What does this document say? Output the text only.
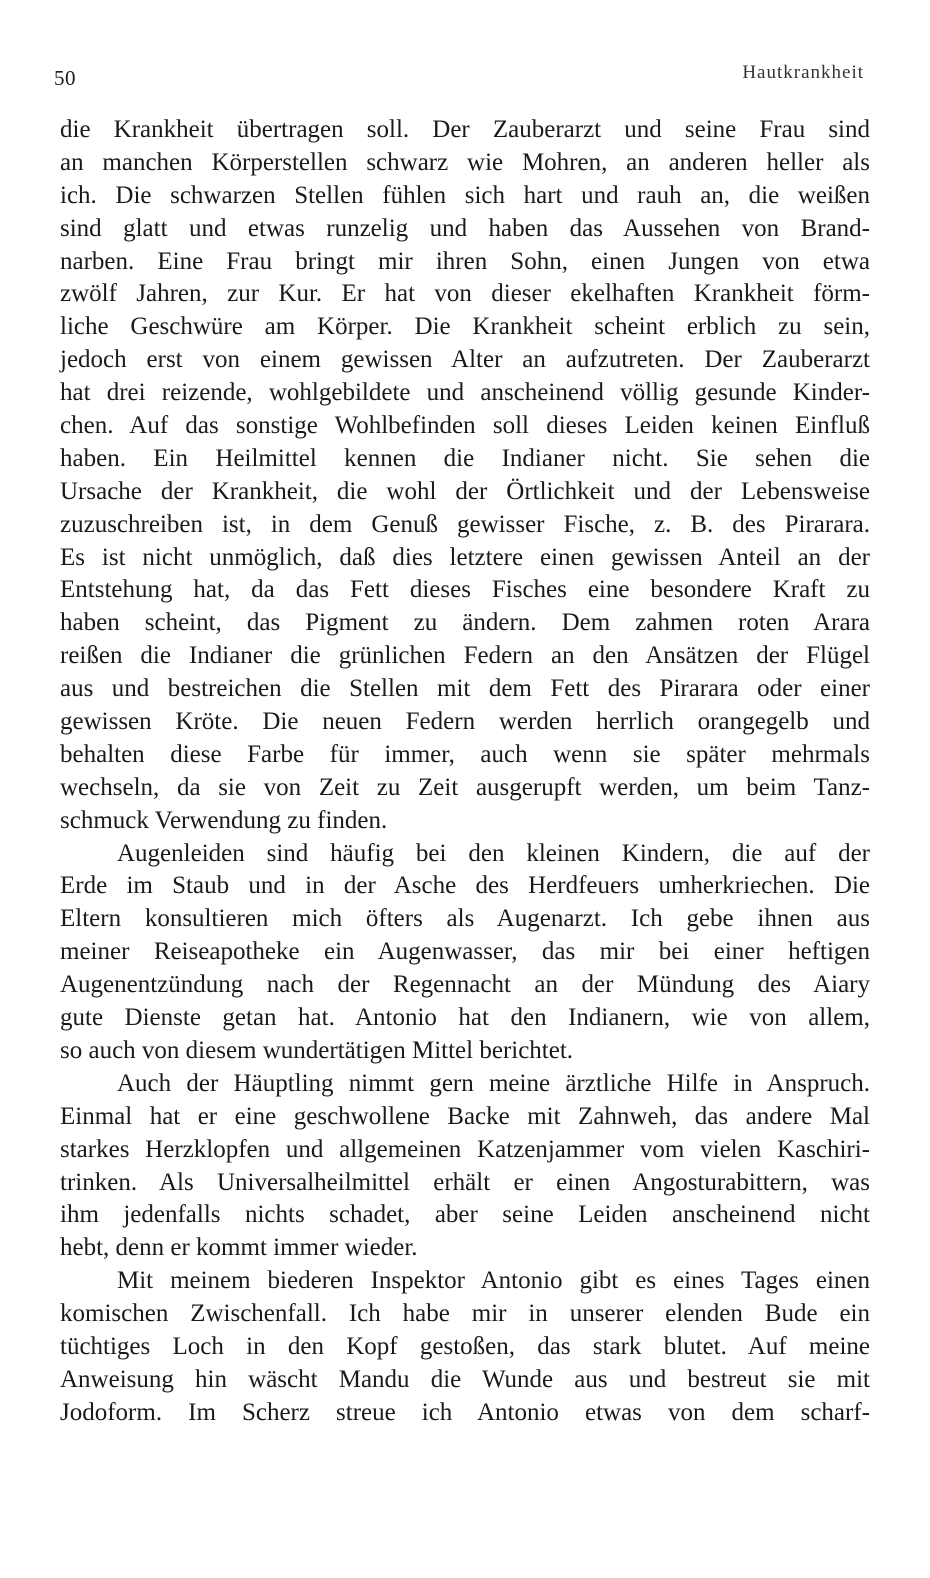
50	Hautkrankheit
die Krankheit übertragen soll. Der Zauberarzt und seine Frau sind
an manchen Körperstellen schwarz wie Mohren, an anderen heller als
ich. Die schwarzen Stellen fühlen sich hart und rauh an, die weißen
sind glatt und etwas runzelig und haben das Aussehen von Brand-
narben. Eine Frau bringt mir ihren Sohn, einen Jungen von etwa
zwölf Jahren, zur Kur. Er hat von dieser ekelhaften Krankheit förm-
liche Geschwüre am Körper. Die Krankheit scheint erblich zu sein,
jedoch erst von einem gewissen Alter an aufzutreten. Der Zauberarzt
hat drei reizende, wohlgebildete und anscheinend völlig gesunde Kinder-
chen. Auf das sonstige Wohlbefinden soll dieses Leiden keinen Einfluß
haben. Ein Heilmittel kennen die Indianer nicht. Sie sehen die
Ursache der Krankheit, die wohl der Örtlichkeit und der Lebensweise
zuzuschreiben ist, in dem Genuß gewisser Fische, z. B. des Pirarara.
Es ist nicht unmöglich, daß dies letztere einen gewissen Anteil an der
Entstehung hat, da das Fett dieses Fisches eine besondere Kraft zu
haben scheint, das Pigment zu ändern. Dem zahmen roten Arara
reißen die Indianer die grünlichen Federn an den Ansätzen der Flügel
aus und bestreichen die Stellen mit dem Fett des Pirarara oder einer
gewissen Kröte. Die neuen Federn werden herrlich orangegelb und
behalten diese Farbe für immer, auch wenn sie später mehrmals
wechseln, da sie von Zeit zu Zeit ausgerupft werden, um beim Tanz-
schmuck Verwendung zu finden.
Augenleiden sind häufig bei den kleinen Kindern, die auf der
Erde im Staub und in der Asche des Herdfeuers umherkriechen. Die
Eltern konsultieren mich öfters als Augenarzt. Ich gebe ihnen aus
meiner Reiseapotheke ein Augenwasser, das mir bei einer heftigen
Augenentzündung nach der Regennacht an der Mündung des Aiary
gute Dienste getan hat. Antonio hat den Indianern, wie von allem,
so auch von diesem wundertätigen Mittel berichtet.
Auch der Häuptling nimmt gern meine ärztliche Hilfe in Anspruch.
Einmal hat er eine geschwollene Backe mit Zahnweh, das andere Mal
starkes Herzklopfen und allgemeinen Katzenjammer vom vielen Kaschiri-
trinken. Als Universalheilmittel erhält er einen Angosturabittern, was
ihm jedenfalls nichts schadet, aber seine Leiden anscheinend nicht
hebt, denn er kommt immer wieder.
Mit meinem biederen Inspektor Antonio gibt es eines Tages einen
komischen Zwischenfall. Ich habe mir in unserer elenden Bude ein
tüchtiges Loch in den Kopf gestoßen, das stark blutet. Auf meine
Anweisung hin wäscht Mandu die Wunde aus und bestreut sie mit
Jodoform. Im Scherz streue ich Antonio etwas von dem scharf-
